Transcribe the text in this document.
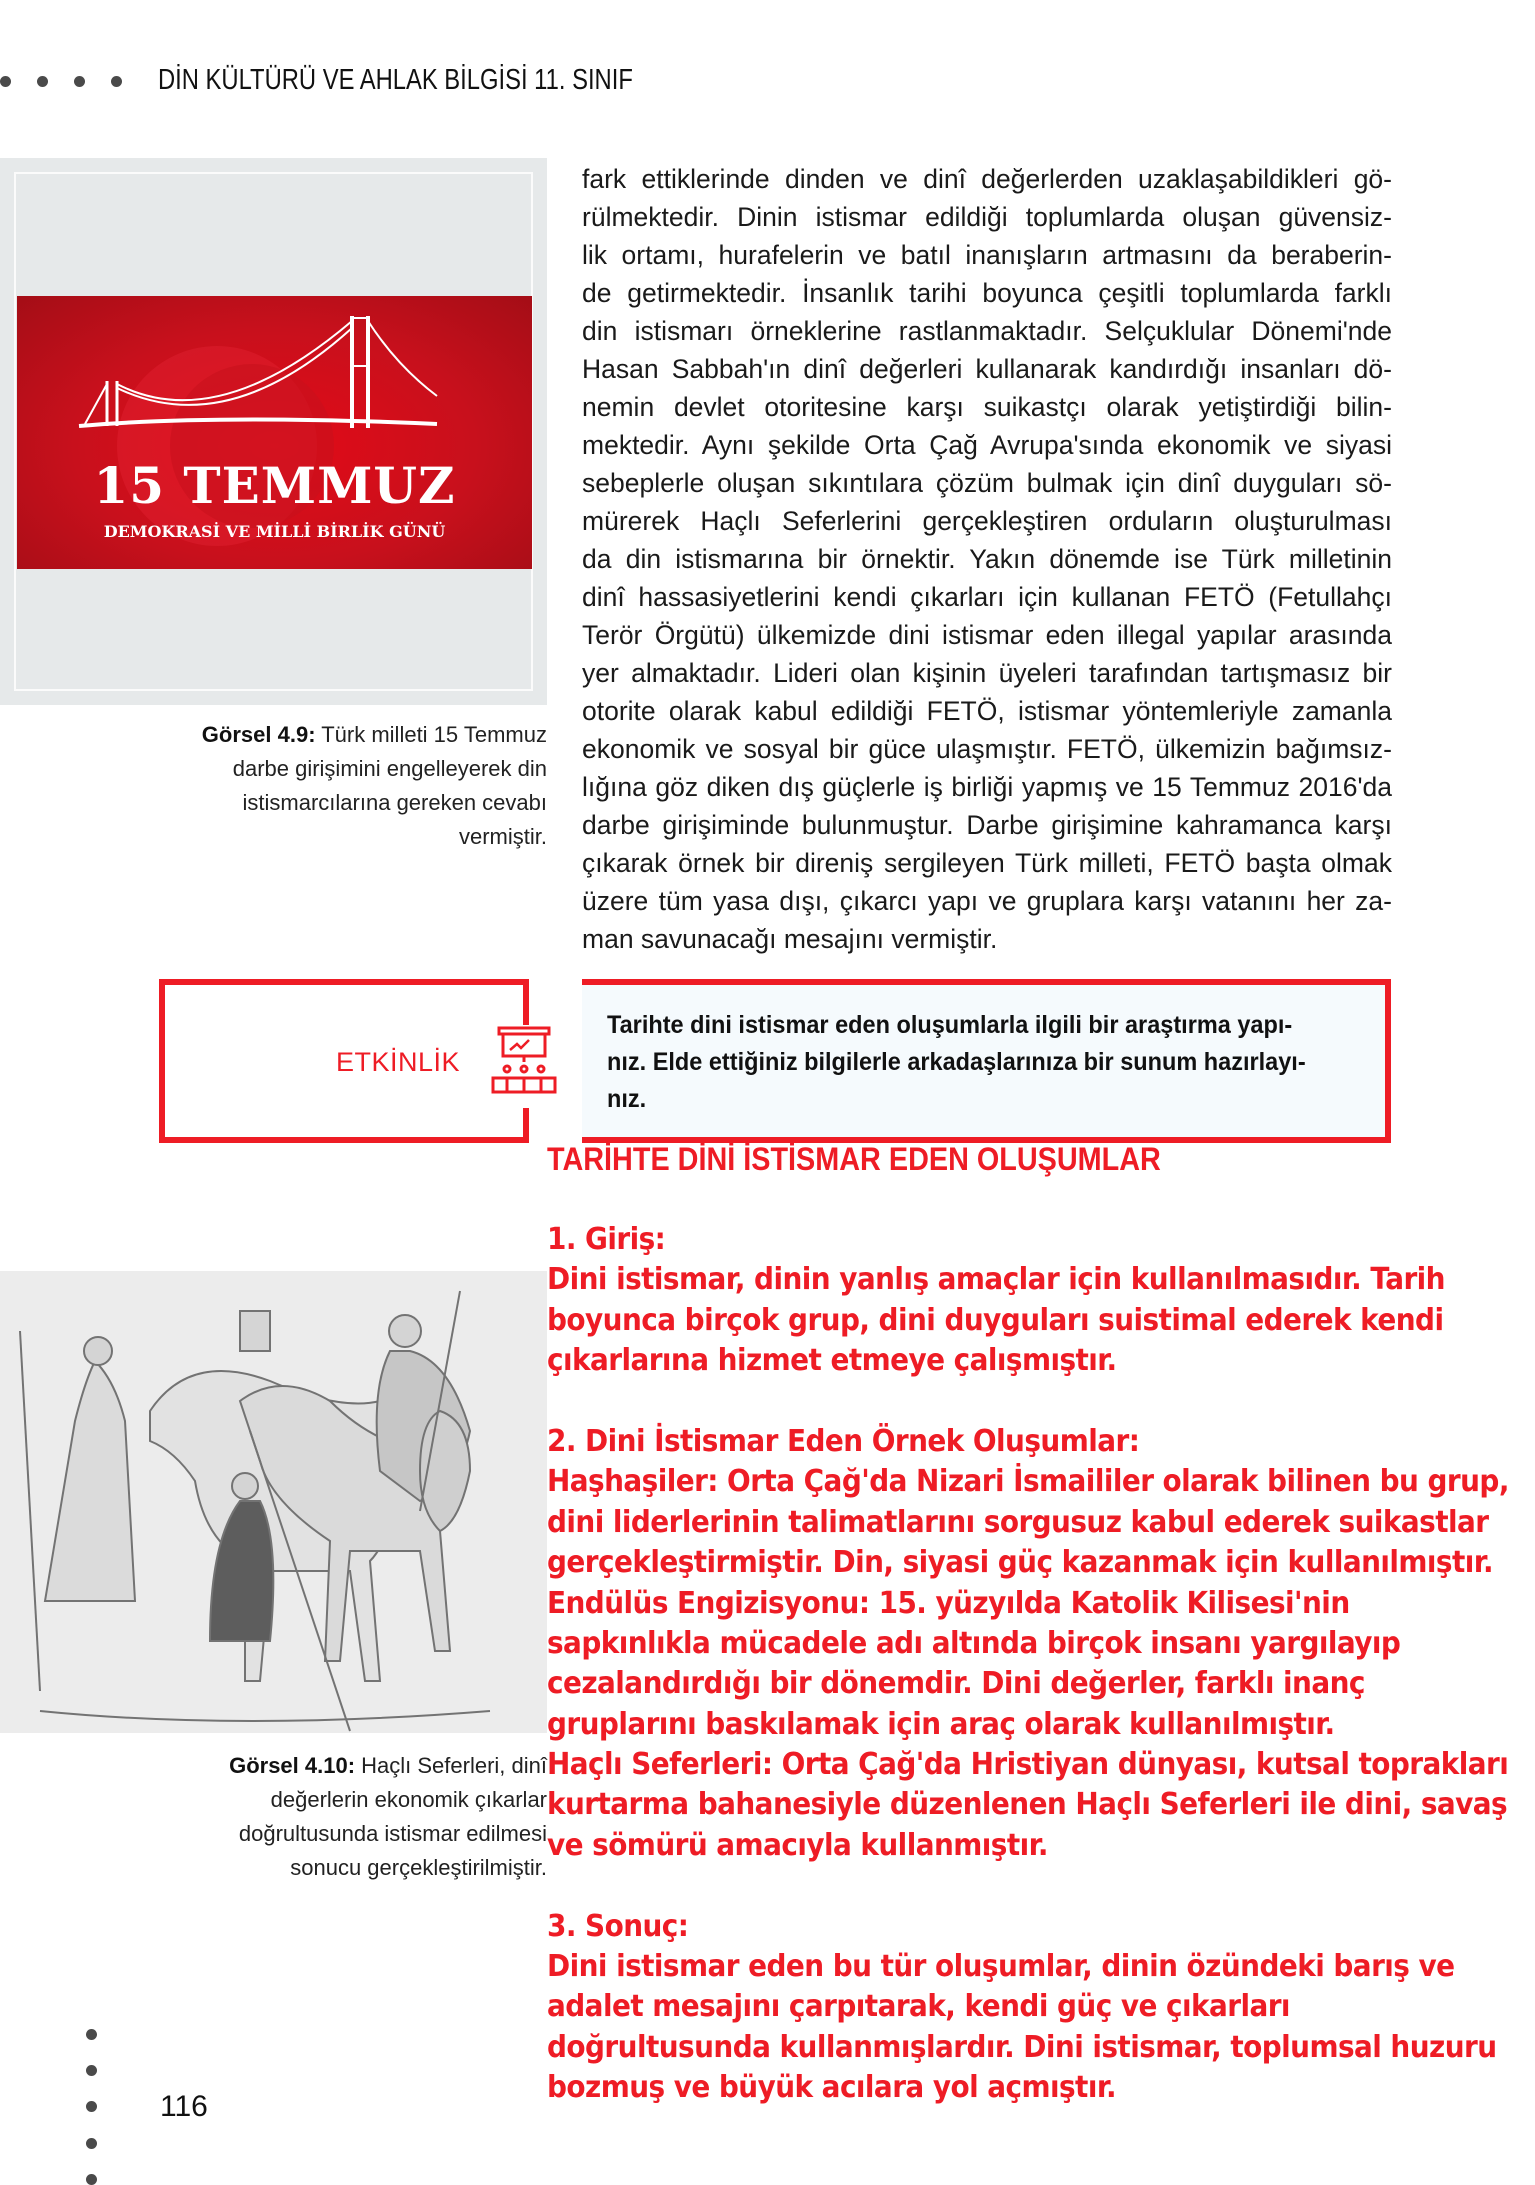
DİN KÜLTÜRÜ VE AHLAK BİLGİSİ 11. SINIF
15 TEMMUZ
DEMOKRASİ VE MİLLİ BİRLİK GÜNÜ
Görsel 4.9: Türk milleti 15 Temmuz
darbe girişimini engelleyerek din
istismarcılarına gereken cevabı
vermiştir.
fark ettiklerinde dinden ve dinî değerlerden uzaklaşabildikleri gö-
rülmektedir. Dinin istismar edildiği toplumlarda oluşan güvensiz-
lik ortamı, hurafelerin ve batıl inanışların artmasını da beraberin-
de getirmektedir. İnsanlık tarihi boyunca çeşitli toplumlarda farklı
din istismarı örneklerine rastlanmaktadır. Selçuklular Dönemi'nde
Hasan Sabbah'ın dinî değerleri kullanarak kandırdığı insanları dö-
nemin devlet otoritesine karşı suikastçı olarak yetiştirdiği bilin-
mektedir. Aynı şekilde Orta Çağ Avrupa'sında ekonomik ve siyasi
sebeplerle oluşan sıkıntılara çözüm bulmak için dinî duyguları sö-
mürerek Haçlı Seferlerini gerçekleştiren orduların oluşturulması
da din istismarına bir örnektir. Yakın dönemde ise Türk milletinin
dinî hassasiyetlerini kendi çıkarları için kullanan FETÖ (Fetullahçı
Terör Örgütü) ülkemizde dini istismar eden illegal yapılar arasında
yer almaktadır. Lideri olan kişinin üyeleri tarafından tartışmasız bir
otorite olarak kabul edildiği FETÖ, istismar yöntemleriyle zamanla
ekonomik ve sosyal bir güce ulaşmıştır. FETÖ, ülkemizin bağımsız-
lığına göz diken dış güçlerle iş birliği yapmış ve 15 Temmuz 2016'da
darbe girişiminde bulunmuştur. Darbe girişimine kahramanca karşı
çıkarak örnek bir direniş sergileyen Türk milleti, FETÖ başta olmak
üzere tüm yasa dışı, çıkarcı yapı ve gruplara karşı vatanını her za-
man savunacağı mesajını vermiştir.
ETKİNLİK
Tarihte dini istismar eden oluşumlarla ilgili bir araştırma yapı- nız. Elde ettiğiniz bilgilerle arkadaşlarınıza bir sunum hazırlayı- nız.
TARİHTE DİNİ İSTİSMAR EDEN OLUŞUMLAR
1. Giriş:
Dini istismar, dinin yanlış amaçlar için kullanılmasıdır. Tarih
boyunca birçok grup, dini duyguları suistimal ederek kendi
çıkarlarına hizmet etmeye çalışmıştır.
2. Dini İstismar Eden Örnek Oluşumlar:
Haşhaşiler: Orta Çağ'da Nizari İsmaililer olarak bilinen bu grup,
dini liderlerinin talimatlarını sorgusuz kabul ederek suikastlar
gerçekleştirmiştir. Din, siyasi güç kazanmak için kullanılmıştır.
Endülüs Engizisyonu: 15. yüzyılda Katolik Kilisesi'nin
sapkınlıkla mücadele adı altında birçok insanı yargılayıp
cezalandırdığı bir dönemdir. Dini değerler, farklı inanç
gruplarını baskılamak için araç olarak kullanılmıştır.
Haçlı Seferleri: Orta Çağ'da Hristiyan dünyası, kutsal toprakları
kurtarma bahanesiyle düzenlenen Haçlı Seferleri ile dini, savaş
ve sömürü amacıyla kullanmıştır.
3. Sonuç:
Dini istismar eden bu tür oluşumlar, dinin özündeki barış ve
adalet mesajını çarpıtarak, kendi güç ve çıkarları
doğrultusunda kullanmışlardır. Dini istismar, toplumsal huzuru
bozmuş ve büyük acılara yol açmıştır.
Görsel 4.10: Haçlı Seferleri, dinî
değerlerin ekonomik çıkarlar
doğrultusunda istismar edilmesi
sonucu gerçekleştirilmiştir.
116
